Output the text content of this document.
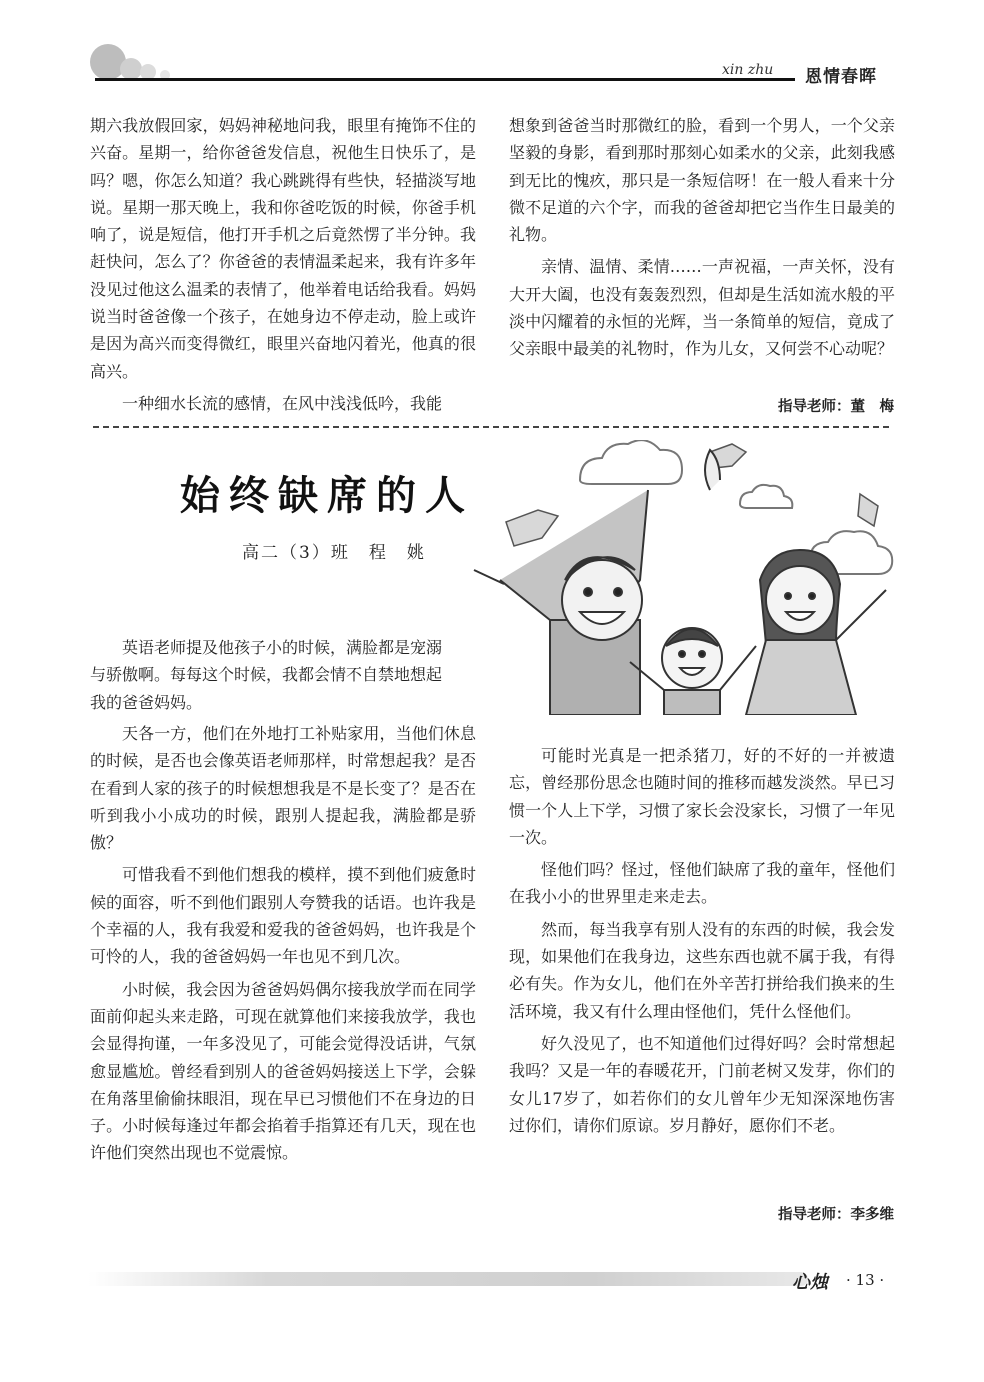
xin zhu 恩情春晖

期六我放假回家，妈妈神秘地问我，眼里有掩饰不住的兴奋。星期一，给你爸爸发信息，祝他生日快乐了，是吗？嗯，你怎么知道？我心跳跳得有些快，轻描淡写地说。星期一那天晚上，我和你爸吃饭的时候，你爸手机响了，说是短信，他打开手机之后竟然愣了半分钟。我赶快问，怎么了？你爸爸的表情温柔起来，我有许多年没见过他这么温柔的表情了，他举着电话给我看。妈妈说当时爸爸像一个孩子，在她身边不停走动，脸上或许是因为高兴而变得微红，眼里兴奋地闪着光，他真的很高兴。

一种细水长流的感情，在风中浅浅低吟，我能

想象到爸爸当时那微红的脸，看到一个男人，一个父亲坚毅的身影，看到那时那刻心如柔水的父亲，此刻我感到无比的愧疚，那只是一条短信呀！在一般人看来十分微不足道的六个字，而我的爸爸却把它当作生日最美的礼物。

亲情、温情、柔情……一声祝福，一声关怀，没有大开大阖，也没有轰轰烈烈，但却是生活如流水般的平淡中闪耀着的永恒的光辉，当一条简单的短信，竟成了父亲眼中最美的礼物时，作为儿女，又何尝不心动呢？

指导老师：董　梅
始终缺席的人
高二（3）班　程　姚

英语老师提及他孩子小的时候，满脸都是宠溺与骄傲啊。每每这个时候，我都会情不自禁地想起我的爸爸妈妈。

天各一方，他们在外地打工补贴家用，当他们休息的时候，是否也会像英语老师那样，时常想起我？是否在看到人家的孩子的时候想想我是不是长变了？是否在听到我小小成功的时候，跟别人提起我，满脸都是骄傲？

可惜我看不到他们想我的模样，摸不到他们疲惫时候的面容，听不到他们跟别人夸赞我的话语。也许我是个幸福的人，我有我爱和爱我的爸爸妈妈，也许我是个可怜的人，我的爸爸妈妈一年也见不到几次。

小时候，我会因为爸爸妈妈偶尔接我放学而在同学面前仰起头来走路，可现在就算他们来接我放学，我也会显得拘谨，一年多没见了，可能会觉得没话讲，气氛愈显尴尬。曾经看到别人的爸爸妈妈接送上下学，会躲在角落里偷偷抹眼泪，现在早已习惯他们不在身边的日子。小时候每逢过年都会掐着手指算还有几天，现在也许他们突然出现也不觉震惊。

可能时光真是一把杀猪刀，好的不好的一并被遗忘，曾经那份思念也随时间的推移而越发淡然。早已习惯一个人上下学，习惯了家长会没家长，习惯了一年见一次。

怪他们吗？怪过，怪他们缺席了我的童年，怪他们在我小小的世界里走来走去。

然而，每当我享有别人没有的东西的时候，我会发现，如果他们在我身边，这些东西也就不属于我，有得必有失。作为女儿，他们在外辛苦打拼给我们换来的生活环境，我又有什么理由怪他们，凭什么怪他们。

好久没见了，也不知道他们过得好吗？会时常想起我吗？又是一年的春暖花开，门前老树又发芽，你们的女儿17岁了，如若你们的女儿曾年少无知深深地伤害过你们，请你们原谅。岁月静好，愿你们不老。

指导老师：李多维
心烛 · 13 ·
